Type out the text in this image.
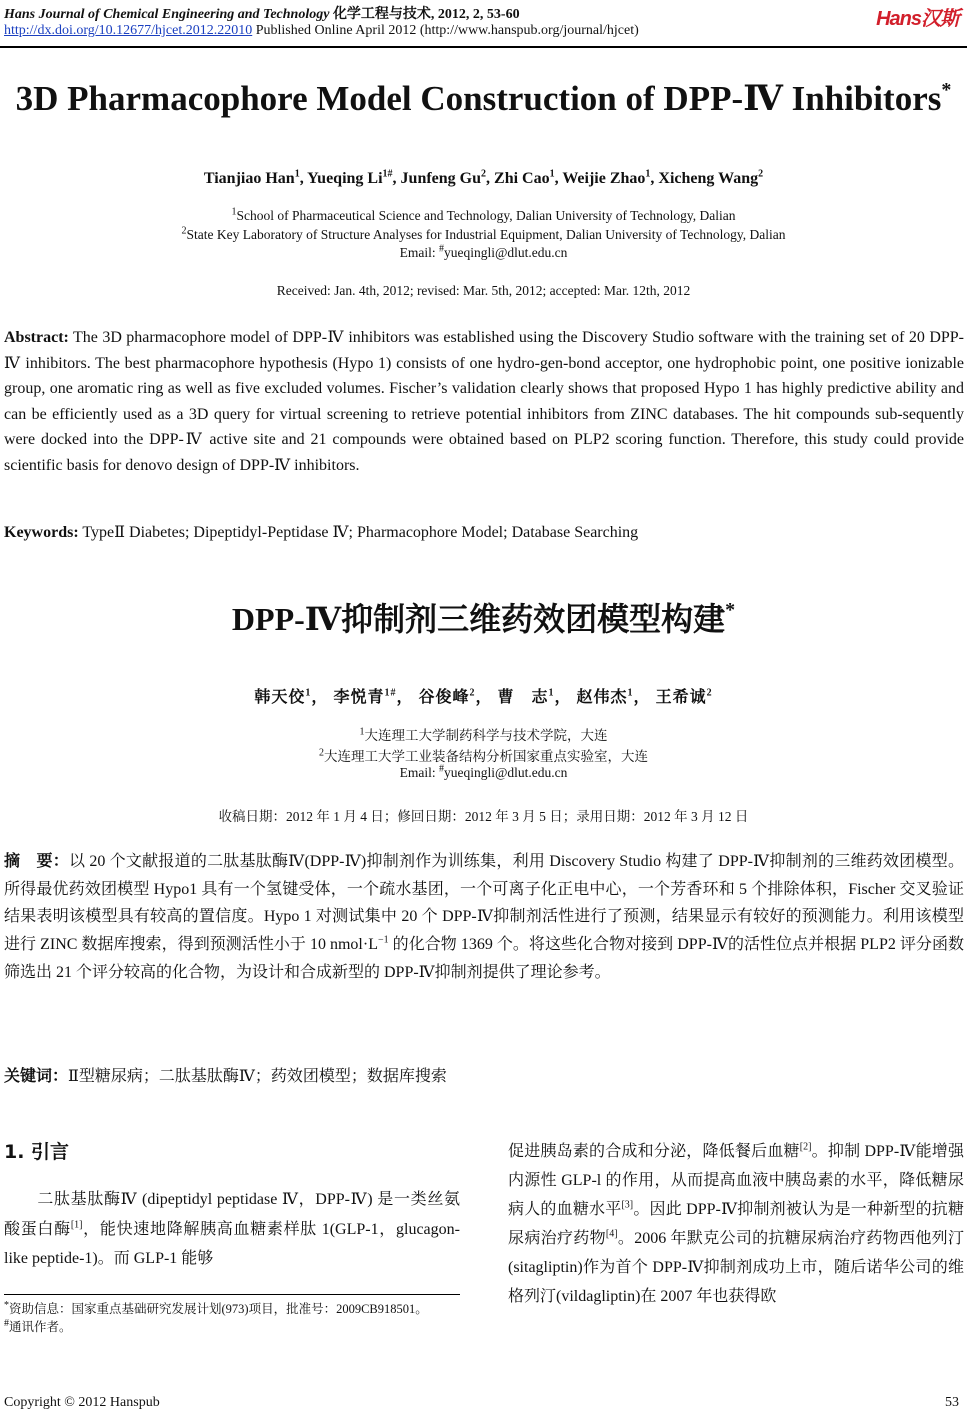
Hans Journal of Chemical Engineering and Technology 化学工程与技术, 2012, 2, 53-60
http://dx.doi.org/10.12677/hjcet.2012.22010 Published Online April 2012 (http://www.hanspub.org/journal/hjcet)
Hans汉斯
3D Pharmacophore Model Construction of DPP-Ⅳ Inhibitors*
Tianjiao Han$^1$, Yueqing $Li^{1\#}$, Junfeng Gu$^2$, Zhi Cao$^1$, Weijie Zhao$^1$, Xicheng Wang$^2$
$^1$School of Pharmaceutical Science and Technology, Dalian University of Technology, Dalian
$^2$State Key Laboratory of Structure Analyses for Industrial Equipment, Dalian University of Technology, Dalian
Email: #yueqingli@dlut.edu.cn
Received: Jan. 4th, 2012; revised: Mar. 5th, 2012; accepted: Mar. 12th, 2012
Abstract: The 3D pharmacophore model of DPP-Ⅳ inhibitors was established using the Discovery Studio software with the training set of 20 DPP-Ⅳ inhibitors. The best pharmacophore hypothesis (Hypo 1) consists of one hydro-gen-bond acceptor, one hydrophobic point, one positive ionizable group, one aromatic ring as well as five excluded volumes. Fischer’s validation clearly shows that proposed Hypo 1 has highly predictive ability and can be efficiently used as a 3D query for virtual screening to retrieve potential inhibitors from ZINC databases. The hit compounds sub-sequently were docked into the DPP-Ⅳ active site and 21 compounds were obtained based on PLP2 scoring function. Therefore, this study could provide scientific basis for denovo design of DPP-Ⅳ inhibitors.
Keywords: TypeⅡ Diabetes; Dipeptidyl-Peptidase Ⅳ; Pharmacophore Model; Database Searching
DPP-Ⅳ抑制剂三维药效团模型构建*
韩天佼$^1$， 李悦青$^{1\#}$， 谷俊峰$^2$， 曹　志$^1$， 赵伟杰$^1$， 王希诚$^2$
$^1$大连理工大学制药科学与技术学院，大连
$^2$大连理工大学工业装备结构分析国家重点实验室，大连
Email: #yueqingli@dlut.edu.cn
收稿日期：2012 年 1 月 4 日；修回日期：2012 年 3 月 5 日；录用日期：2012 年 3 月 12 日
摘　要：以 20 个文献报道的二肽基肽酶Ⅳ(DPP-Ⅳ)抑制剂作为训练集，利用 Discovery Studio 构建了 DPP-Ⅳ抑制剂的三维药效团模型。所得最优药效团模型 Hypo1 具有一个氢键受体，一个疏水基团，一个可离子化正电中心，一个芳香环和 5 个排除体积，Fischer 交叉验证结果表明该模型具有较高的置信度。Hypo 1 对测试集中 20 个 DPP-Ⅳ抑制剂活性进行了预测，结果显示有较好的预测能力。利用该模型进行 ZINC 数据库搜索，得到预测活性小于 10 $nmol\cdot L^{-1}$ 的化合物 1369 个。将这些化合物对接到 DPP-Ⅳ的活性位点并根据 PLP2 评分函数筛选出 21 个评分较高的化合物，为设计和合成新型的 DPP-Ⅳ抑制剂提供了理论参考。
关键词：Ⅱ型糖尿病；二肽基肽酶Ⅳ；药效团模型；数据库搜索
1. 引言
　　二肽基肽酶Ⅳ (dipeptidyl peptidase Ⅳ，DPP-Ⅳ) 是一类丝氨酸蛋白酶[1]，能快速地降解胰高血糖素样肽 1(GLP-1，glucagon-like peptide-1)。而 GLP-1 能够
促进胰岛素的合成和分泌，降低餐后血糖[2]。抑制 DPP-Ⅳ能增强内源性 GLP-l 的作用，从而提高血液中胰岛素的水平，降低糖尿病人的血糖水平[3]。因此 DPP-Ⅳ抑制剂被认为是一种新型的抗糖尿病治疗药物[4]。2006 年默克公司的抗糖尿病治疗药物西他列汀(sitagliptin)作为首个 DPP-Ⅳ抑制剂成功上市，随后诺华公司的维格列汀(vildagliptin)在 2007 年也获得欧
*资助信息：国家重点基础研究发展计划(973)项目，批准号：2009CB918501。
#通讯作者。
Copyright © 2012 Hanspub	53
